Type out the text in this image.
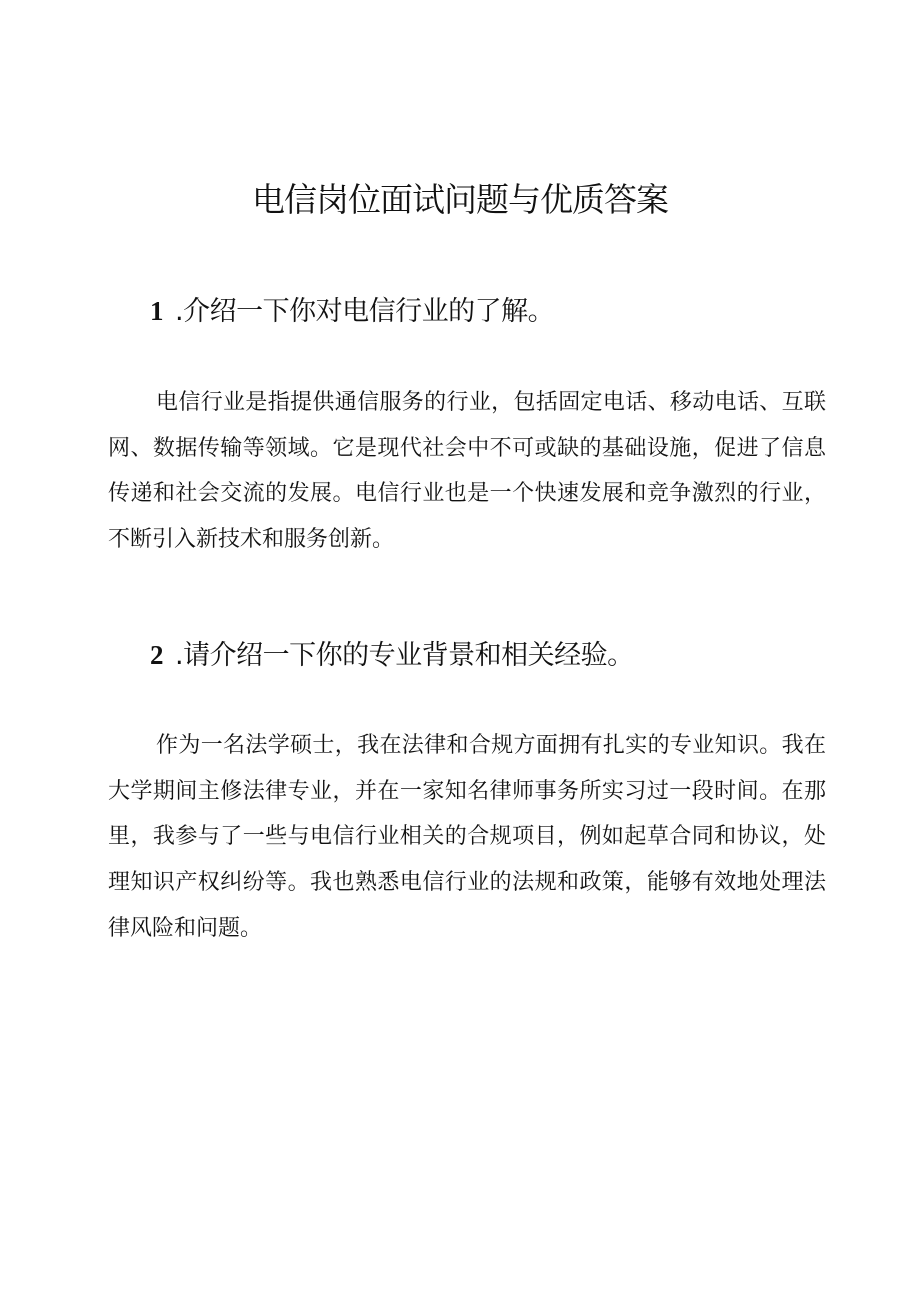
电信岗位面试问题与优质答案
1 .介绍一下你对电信行业的了解。

电信行业是指提供通信服务的行业，包括固定电话、移动电话、互联网、数据传输等领域。它是现代社会中不可或缺的基础设施，促进了信息传递和社会交流的发展。电信行业也是一个快速发展和竞争激烈的行业，不断引入新技术和服务创新。

2 .请介绍一下你的专业背景和相关经验。

作为一名法学硕士，我在法律和合规方面拥有扎实的专业知识。我在大学期间主修法律专业，并在一家知名律师事务所实习过一段时间。在那里，我参与了一些与电信行业相关的合规项目，例如起草合同和协议，处理知识产权纠纷等。我也熟悉电信行业的法规和政策，能够有效地处理法律风险和问题。
